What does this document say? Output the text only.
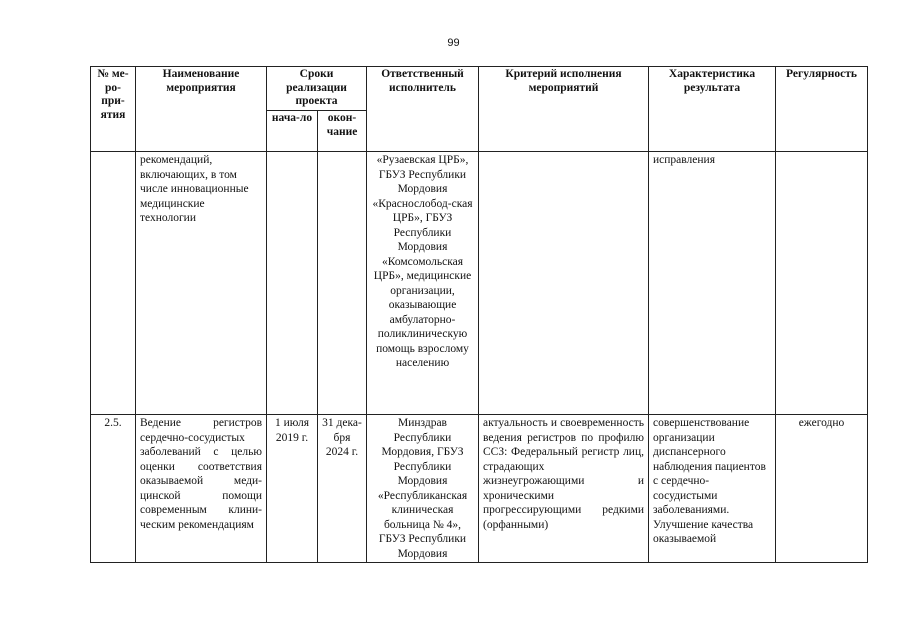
99
№ ме-ро-при-ятия	Наименование мероприятия	Сроки реализации проекта		Ответственный исполнитель	Критерий исполнения мероприятий	Характеристика результата	Регулярность
		нача-ло	окон-чание				
	рекомендаций, включающих, в том числе инновационные медицинские технологии			«Рузаевская ЦРБ», ГБУЗ Республики Мордовия «Краснослобод-ская ЦРБ», ГБУЗ Республики Мордовия «Комсомольская ЦРБ», медицинские организации, оказывающие амбулаторно-поликлиническую помощь взрослому населению		исправления	
2.5.	Ведение регистров сердечно-сосудистых заболеваний с целью оценки соответствия оказываемой меди-цинской помощи современным клини-ческим рекомендациям	1 июля 2019 г.	31 дека-бря 2024 г.	Минздрав Республики Мордовия, ГБУЗ Республики Мордовия «Республиканская клиническая больница № 4», ГБУЗ Республики Мордовия	актуальность и своевременность ведения регистров по профилю ССЗ: Федеральный регистр лиц, страдающих жизнеугрожающими и хроническими прогрессирующими редкими (орфанными)	совершенствование организации диспансерного наблюдения пациентов с сердечно-сосудистыми заболеваниями. Улучшение качества оказываемой	ежегодно
